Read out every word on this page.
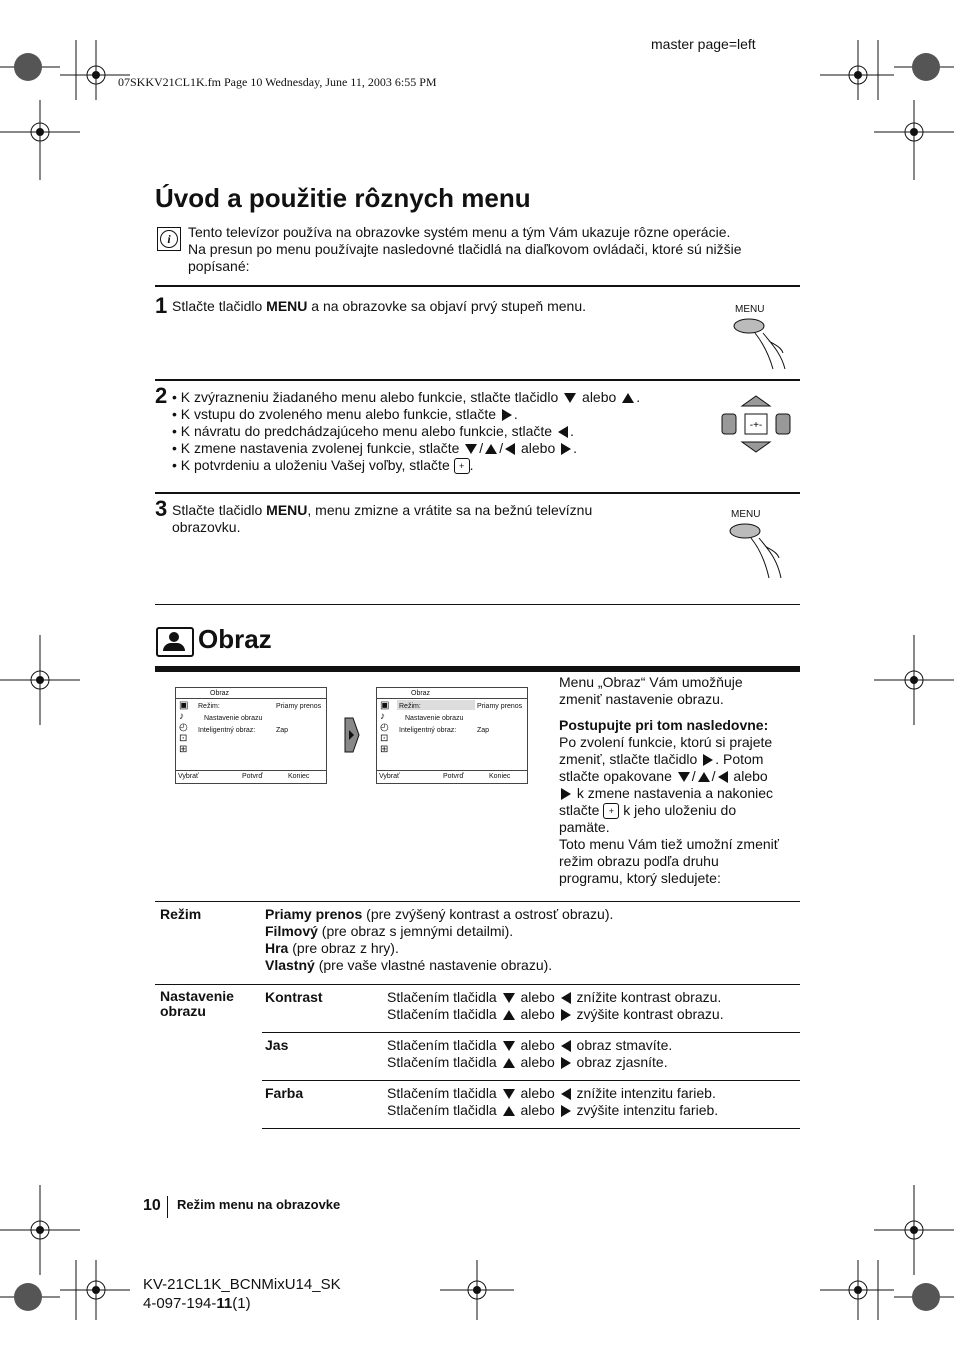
master page=left
07SKKV21CL1K.fm Page 10 Wednesday, June 11, 2003 6:55 PM
Úvod a použitie rôznych menu
i	Tento televízor používa na obrazovke systém menu a tým Vám ukazuje rôzne operácie.
Na presun po menu používajte nasledovné tlačidlá na diaľkovom ovládači, ktoré sú nižšie
popísané:
1 Stlačte tlačidlo MENU a na obrazovke sa objaví prvý stupeň menu.	MENU
2 • K zvýrazneniu žiadaného menu alebo funkcie, stlačte tlačidlo alebo .
• K vstupu do zvoleného menu alebo funkcie, stlačte .
• K návratu do predchádzajúceho menu alebo funkcie, stlačte .
• K zmene nastavenia zvolenej funkcie, stlačte / / alebo .
• K potvrdeniu a uloženiu Vašej voľby, stlačte + .
-+-
3 Stlačte tlačidlo MENU, menu zmizne a vrátite sa na bežnú televíznu
obrazovku.
MENU
Obraz
Obraz
▣
♪
◴
⊡
⊞
Režim:	Priamy prenos
Nastavenie obrazu
Inteligentný obraz:	Zap
Vybrať	Potvrď	Koniec
Obraz
▣
♪
◴
⊡
⊞
Režim:	Priamy prenos
Nastavenie obrazu
Inteligentný obraz:	Zap
Vybrať	Potvrď	Koniec
Menu „Obraz“ Vám umožňuje
zmeniť nastavenie obrazu.
Postupujte pri tom nasledovne:
Po zvolení funkcie, ktorú si prajete
zmeniť, stlačte tlačidlo . Potom
stlačte opakovane / / alebo
k zmene nastavenia a nakoniec
stlačte + k jeho uloženiu do
pamäte.
Toto menu Vám tiež umožní zmeniť
režim obrazu podľa druhu
programu, ktorý sledujete:
Režim	Priamy prenos (pre zvýšený kontrast a ostrosť obrazu).
Filmový (pre obraz s jemnými detailmi).
Hra (pre obraz z hry).
Vlastný (pre vaše vlastné nastavenie obrazu).
Nastavenie
obrazu
Kontrast	Stlačením tlačidla alebo znížite kontrast obrazu.
Stlačením tlačidla alebo zvýšite kontrast obrazu.
Jas	Stlačením tlačidla alebo obraz stmavíte.
Stlačením tlačidla alebo obraz zjasníte.
Farba	Stlačením tlačidla alebo znížite intenzitu farieb.
Stlačením tlačidla alebo zvýšite intenzitu farieb.
10 Režim menu na obrazovke
KV-21CL1K_BCNMixU14_SK
4-097-194-11(1)
